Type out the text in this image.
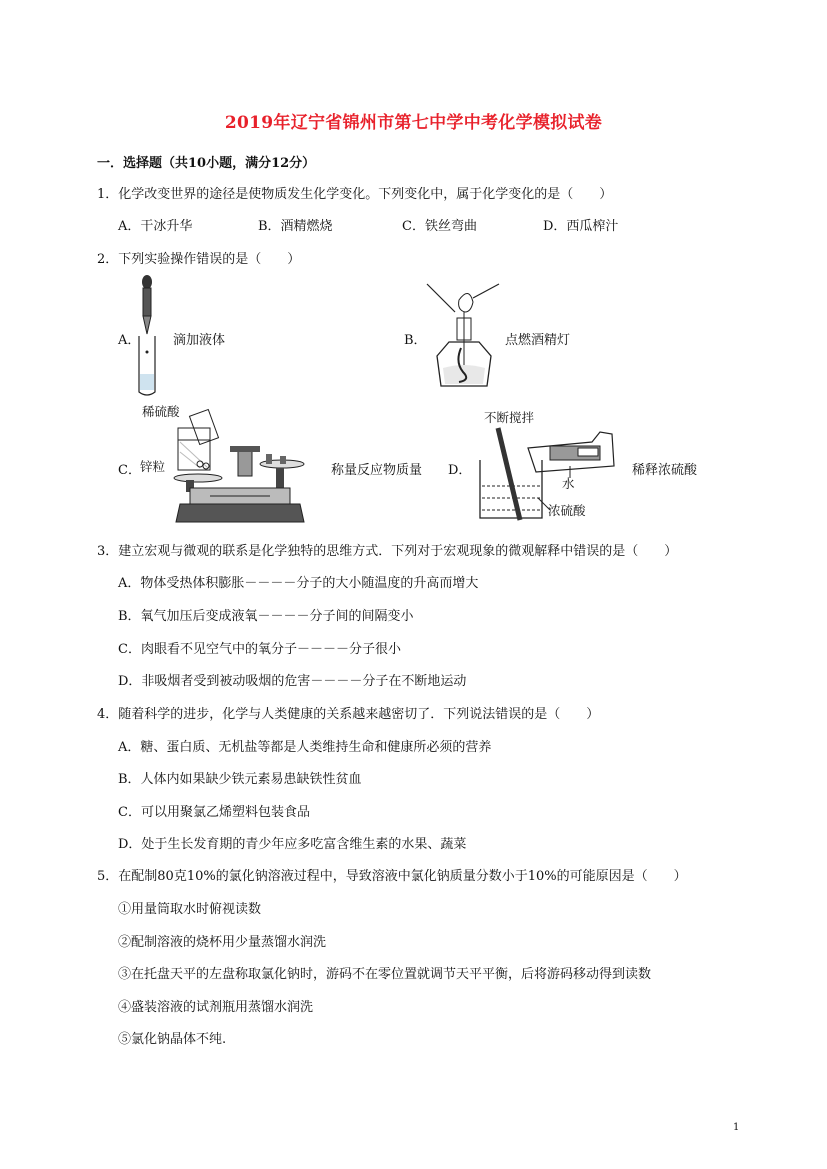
2019年辽宁省锦州市第七中学中考化学模拟试卷
一．选择题（共10小题，满分12分）
1．化学改变世界的途径是使物质发生化学变化。下列变化中，属于化学变化的是（　　）
A．干冰升华	B．酒精燃烧	C．铁丝弯曲	D．西瓜榨汁
2．下列实验操作错误的是（　　）
A．	滴加液体	B．	点燃酒精灯
C．	称量反应物质量 D．	稀释浓硫酸
稀硫酸
锌粒
不断搅拌
水
浓硫酸
3．建立宏观与微观的联系是化学独特的思维方式．下列对于宏观现象的微观解释中错误的是（　　）
A．物体受热体积膨胀－－－－分子的大小随温度的升高而增大
B．氧气加压后变成液氧－－－－分子间的间隔变小
C．肉眼看不见空气中的氧分子－－－－分子很小
D．非吸烟者受到被动吸烟的危害－－－－分子在不断地运动
4．随着科学的进步，化学与人类健康的关系越来越密切了．下列说法错误的是（　　）
A．糖、蛋白质、无机盐等都是人类维持生命和健康所必须的营养
B．人体内如果缺少铁元素易患缺铁性贫血
C．可以用聚氯乙烯塑料包装食品
D．处于生长发育期的青少年应多吃富含维生素的水果、蔬菜
5．在配制80克10%的氯化钠溶液过程中，导致溶液中氯化钠质量分数小于10%的可能原因是（　　）
①用量筒取水时俯视读数
②配制溶液的烧杯用少量蒸馏水润洗
③在托盘天平的左盘称取氯化钠时，游码不在零位置就调节天平平衡，后将游码移动得到读数
④盛装溶液的试剂瓶用蒸馏水润洗
⑤氯化钠晶体不纯.
1
